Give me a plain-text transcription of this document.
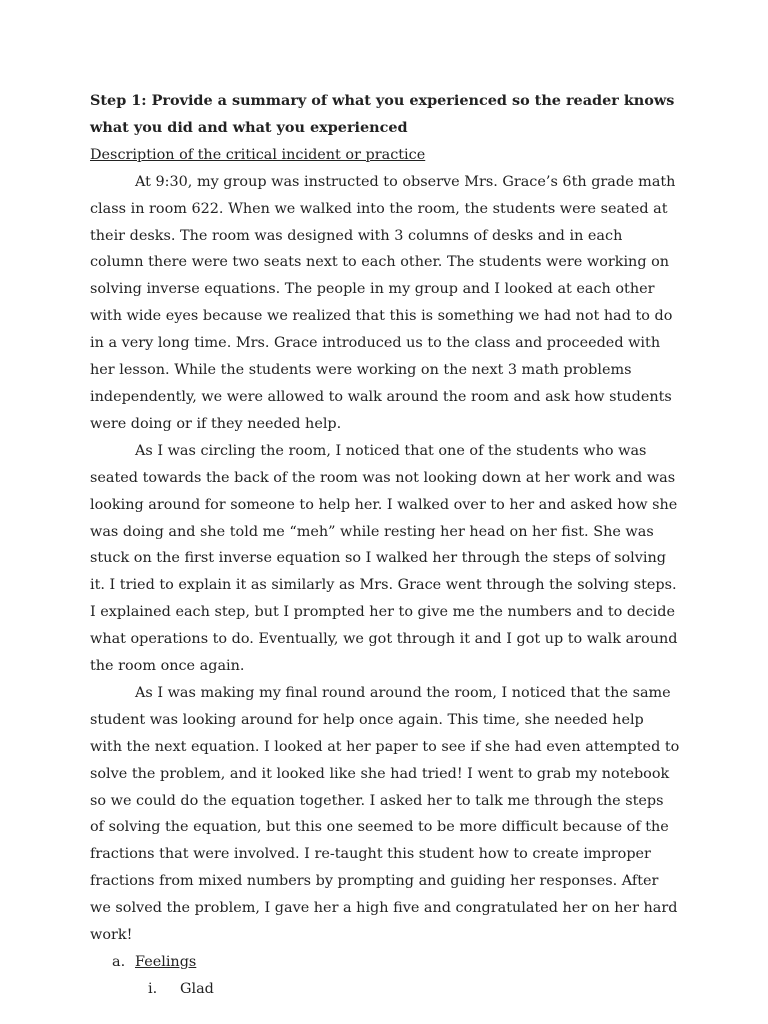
Step 1: Provide a summary of what you experienced so the reader knows what you did and what you experienced

Description of the critical incident or practice

At 9:30, my group was instructed to observe Mrs. Grace’s 6th grade math class in room 622. When we walked into the room, the students were seated at their desks. The room was designed with 3 columns of desks and in each column there were two seats next to each other. The students were working on solving inverse equations. The people in my group and I looked at each other with wide eyes because we realized that this is something we had not had to do in a very long time. Mrs. Grace introduced us to the class and proceeded with her lesson. While the students were working on the next 3 math problems independently, we were allowed to walk around the room and ask how students were doing or if they needed help.

As I was circling the room, I noticed that one of the students who was seated towards the back of the room was not looking down at her work and was looking around for someone to help her. I walked over to her and asked how she was doing and she told me “meh” while resting her head on her fist. She was stuck on the first inverse equation so I walked her through the steps of solving it. I tried to explain it as similarly as Mrs. Grace went through the solving steps. I explained each step, but I prompted her to give me the numbers and to decide what operations to do. Eventually, we got through it and I got up to walk around the room once again.

As I was making my final round around the room, I noticed that the same student was looking around for help once again. This time, she needed help with the next equation. I looked at her paper to see if she had even attempted to solve the problem, and it looked like she had tried! I went to grab my notebook so we could do the equation together. I asked her to talk me through the steps of solving the equation, but this one seemed to be more difficult because of the fractions that were involved. I re-taught this student how to create improper fractions from mixed numbers by prompting and guiding her responses. After we solved the problem, I gave her a high five and congratulated her on her hard work!

a. Feelings
i. Glad
